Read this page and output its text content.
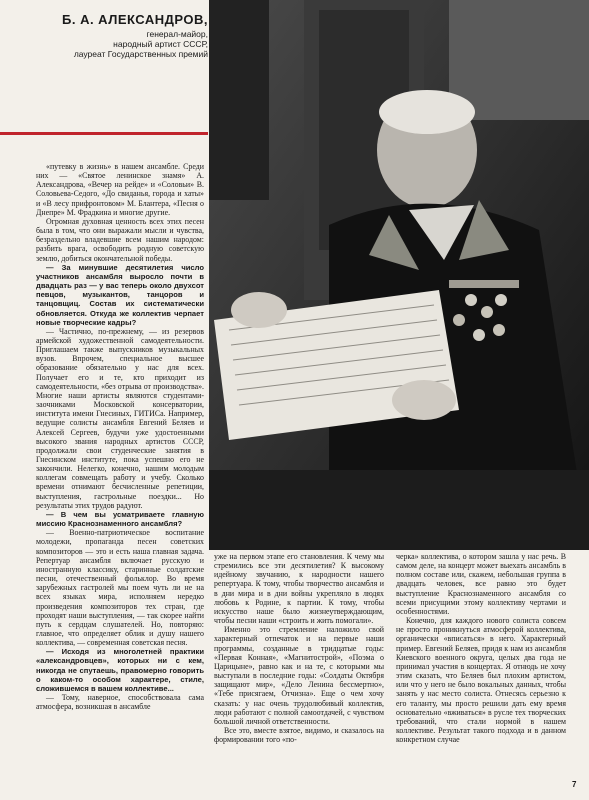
Б. А. АЛЕКСАНДРОВ,

генерал-майор,

народный артист СССР,

лауреат Государственных премий

«путевку в жизнь» в нашем ансамбле. Среди них — «Святое ленинское знамя» А. Александрова, «Вечер на рейде» и «Соловьи» В. Соловьева-Седого, «До свиданья, города и хаты» и «В лесу прифронтовом» М. Блантера, «Песня о Днепре» М. Фрадкина и многие другие.

Огромная духовная ценность всех этих песен была в том, что они выражали мысли и чувства, безраздельно владевшие всем нашим народом: разбить врага, освободить родную советскую землю, добиться окончательной победы.

— За минувшие десятилетия число участников ансамбля выросло почти в двадцать раз — у вас теперь около двухсот певцов, музыкантов, танцоров и танцовщиц. Состав их систематически обновляется. Откуда же коллектив черпает новые творческие кадры?

— Частично, по-прежнему, — из резервов армейской художественной самодеятельности. Приглашаем также выпускников музыкальных вузов. Впрочем, специальное высшее образование обязательно у нас для всех. Получает его и те, кто приходит из самодеятельности, «без отрыва от производства». Многие наши артисты являются студентами-заочниками Московской консерватории, института имени Гнесиных, ГИТИСа. Например, ведущие солисты ансамбля Евгений Беляев и Алексей Сергеев, будучи уже удостоенными высокого звания народных артистов СССР, продолжали свои студенческие занятия в Гнесинском институте, пока успешно его не закончили. Нелегко, конечно, нашим молодым коллегам совмещать работу и учебу. Сколько времени отнимают бесчисленные репетиции, выступления, гастрольные поездки... Но результаты этих трудов радуют.

— В чем вы усматриваете главную миссию Краснознаменного ансамбля?

— Военно-патриотическое воспитание молодежи, пропаганда песен советских композиторов — это и есть наша главная задача. Репертуар ансамбля включает русскую и иностранную классику, старинные солдатские песни, отечественный фольклор. Во время зарубежных гастролей мы поем чуть ли не на всех языках мира, исполняем нередко произведения композиторов тех стран, где проходят наши выступления, — так скорее найти путь к сердцам слушателей. Но, повторяю: главное, что определяет облик и душу нашего коллектива, — современная советская песня.

— Исходя из многолетней практики «александровцев», которых ни с кем, никогда не спутаешь, правомерно говорить о каком-то особом характере, стиле, сложившемся в вашем коллективе...

— Тому, наверное, способствовала сама атмосфера, возникшая в ансамбле

уже на первом этапе его становления. К чему мы стремились все эти десятилетия? К высокому идейному звучанию, к народности нашего репертуара. К тому, чтобы творчество ансамбля и в дни мира и в дни войны укрепляло в людях любовь к Родине, к партии. К тому, чтобы искусство наше было жизнеутверждающим, чтобы песни наши «строить и жить помогали».

Именно это стремление наложило свой характерный отпечаток и на первые наши программы, созданные в тридцатые годы: «Первая Конная», «Магнитострой», «Поэма о Царицыне», равно как и на те, с которыми мы выступали в последние годы: «Солдаты Октября защищают мир», «Дело Ленина бессмертно», «Тебе присягаем, Отчизна». Еще о чем хочу сказать: у нас очень трудолюбивый коллектив, люди работают с полной самоотдачей, с чувством большой личной ответственности.

Все это, вместе взятое, видимо, и сказалось на формировании того «по-

черка» коллектива, о котором зашла у нас речь. В самом деле, на концерт может выехать ансамбль в полном составе или, скажем, небольшая группа в двадцать человек, все равно это будет выступление Краснознаменного ансамбля со всеми присущими этому коллективу чертами и особенностями.

Конечно, для каждого нового солиста совсем не просто проникнуться атмосферой коллектива, органически «вписаться» в него. Характерный пример. Евгений Беляев, придя к нам из ансамбля Киевского военного округа, целых два года не принимал участия в концертах. Я отнюдь не хочу этим сказать, что Беляев был плохим артистом, или что у него не было вокальных данных, чтобы занять у нас место солиста. Отнесясь серьезно к его таланту, мы просто решили дать ему время основательно «вживаться» в русле тех творческих требований, что стали нормой в нашем коллективе. Результат такого подхода и в данном конкретном случае

7
